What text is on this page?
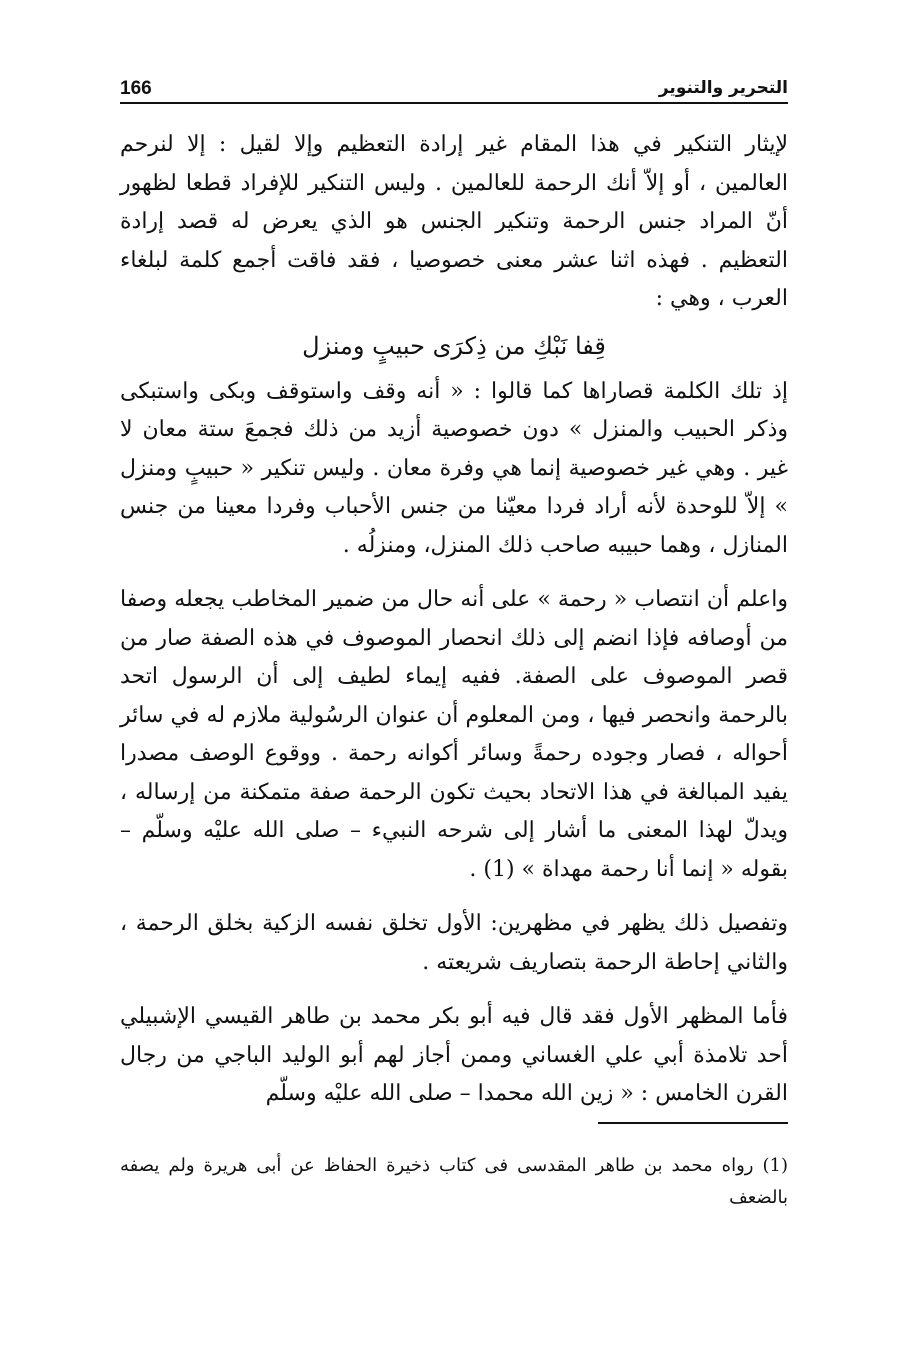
التحرير والتنوير
166

لإيثار التنكير في هذا المقام غير إرادة التعظيم وإلا لقيل : إلا لنرحم العالمين ، أو إلاّ أنك الرحمة للعالمين . وليس التنكير للإفراد قطعا لظهور أنّ المراد جنس الرحمة وتنكير الجنس هو الذي يعرض له قصد إرادة التعظيم . فهذه اثنا عشر معنى خصوصيا ، فقد فاقت أجمع كلمة لبلغاء العرب ، وهي :

قِفا نَبْكِ من ذِكرَى حبيبٍ ومنزل

إذ تلك الكلمة قصاراها كما قالوا : « أنه وقف واستوقف وبكى واستبكى وذكر الحبيب والمنزل » دون خصوصية أزيد من ذلك فجمعَ ستة معان لا غير . وهي غير خصوصية إنما هي وفرة معان . وليس تنكير « حبيبٍ ومنزل » إلاّ للوحدة لأنه أراد فردا معيّنا من جنس الأحباب وفردا معينا من جنس المنازل ، وهما حبيبه صاحب ذلك المنزل، ومنزلُه .

واعلم أن انتصاب « رحمة » على أنه حال من ضمير المخاطب يجعله وصفا من أوصافه فإذا انضم إلى ذلك انحصار الموصوف في هذه الصفة صار من قصر الموصوف على الصفة. ففيه إيماء لطيف إلى أن الرسول اتحد بالرحمة وانحصر فيها ، ومن المعلوم أن عنوان الرسُولية ملازم له في سائر أحواله ، فصار وجوده رحمةً وسائر أكوانه رحمة . ووقوع الوصف مصدرا يفيد المبالغة في هذا الاتحاد بحيث تكون الرحمة صفة متمكنة من إرساله ، ويدلّ لهذا المعنى ما أشار إلى شرحه النبيء – صلى الله عليْه وسلّم – بقوله « إنما أنا رحمة مهداة » (1) .

وتفصيل ذلك يظهر في مظهرين: الأول تخلق نفسه الزكية بخلق الرحمة ، والثاني إحاطة الرحمة بتصاريف شريعته .

فأما المظهر الأول فقد قال فيه أبو بكر محمد بن طاهر القيسي الإشبيلي أحد تلامذة أبي علي الغساني وممن أجاز لهم أبو الوليد الباجي من رجال القرن الخامس : « زين الله محمدا – صلى الله عليْه وسلّم

(1) رواه محمد بن طاهر المقدسى فى كتاب ذخيرة الحفاظ عن أبى هريرة ولم يصفه بالضعف
